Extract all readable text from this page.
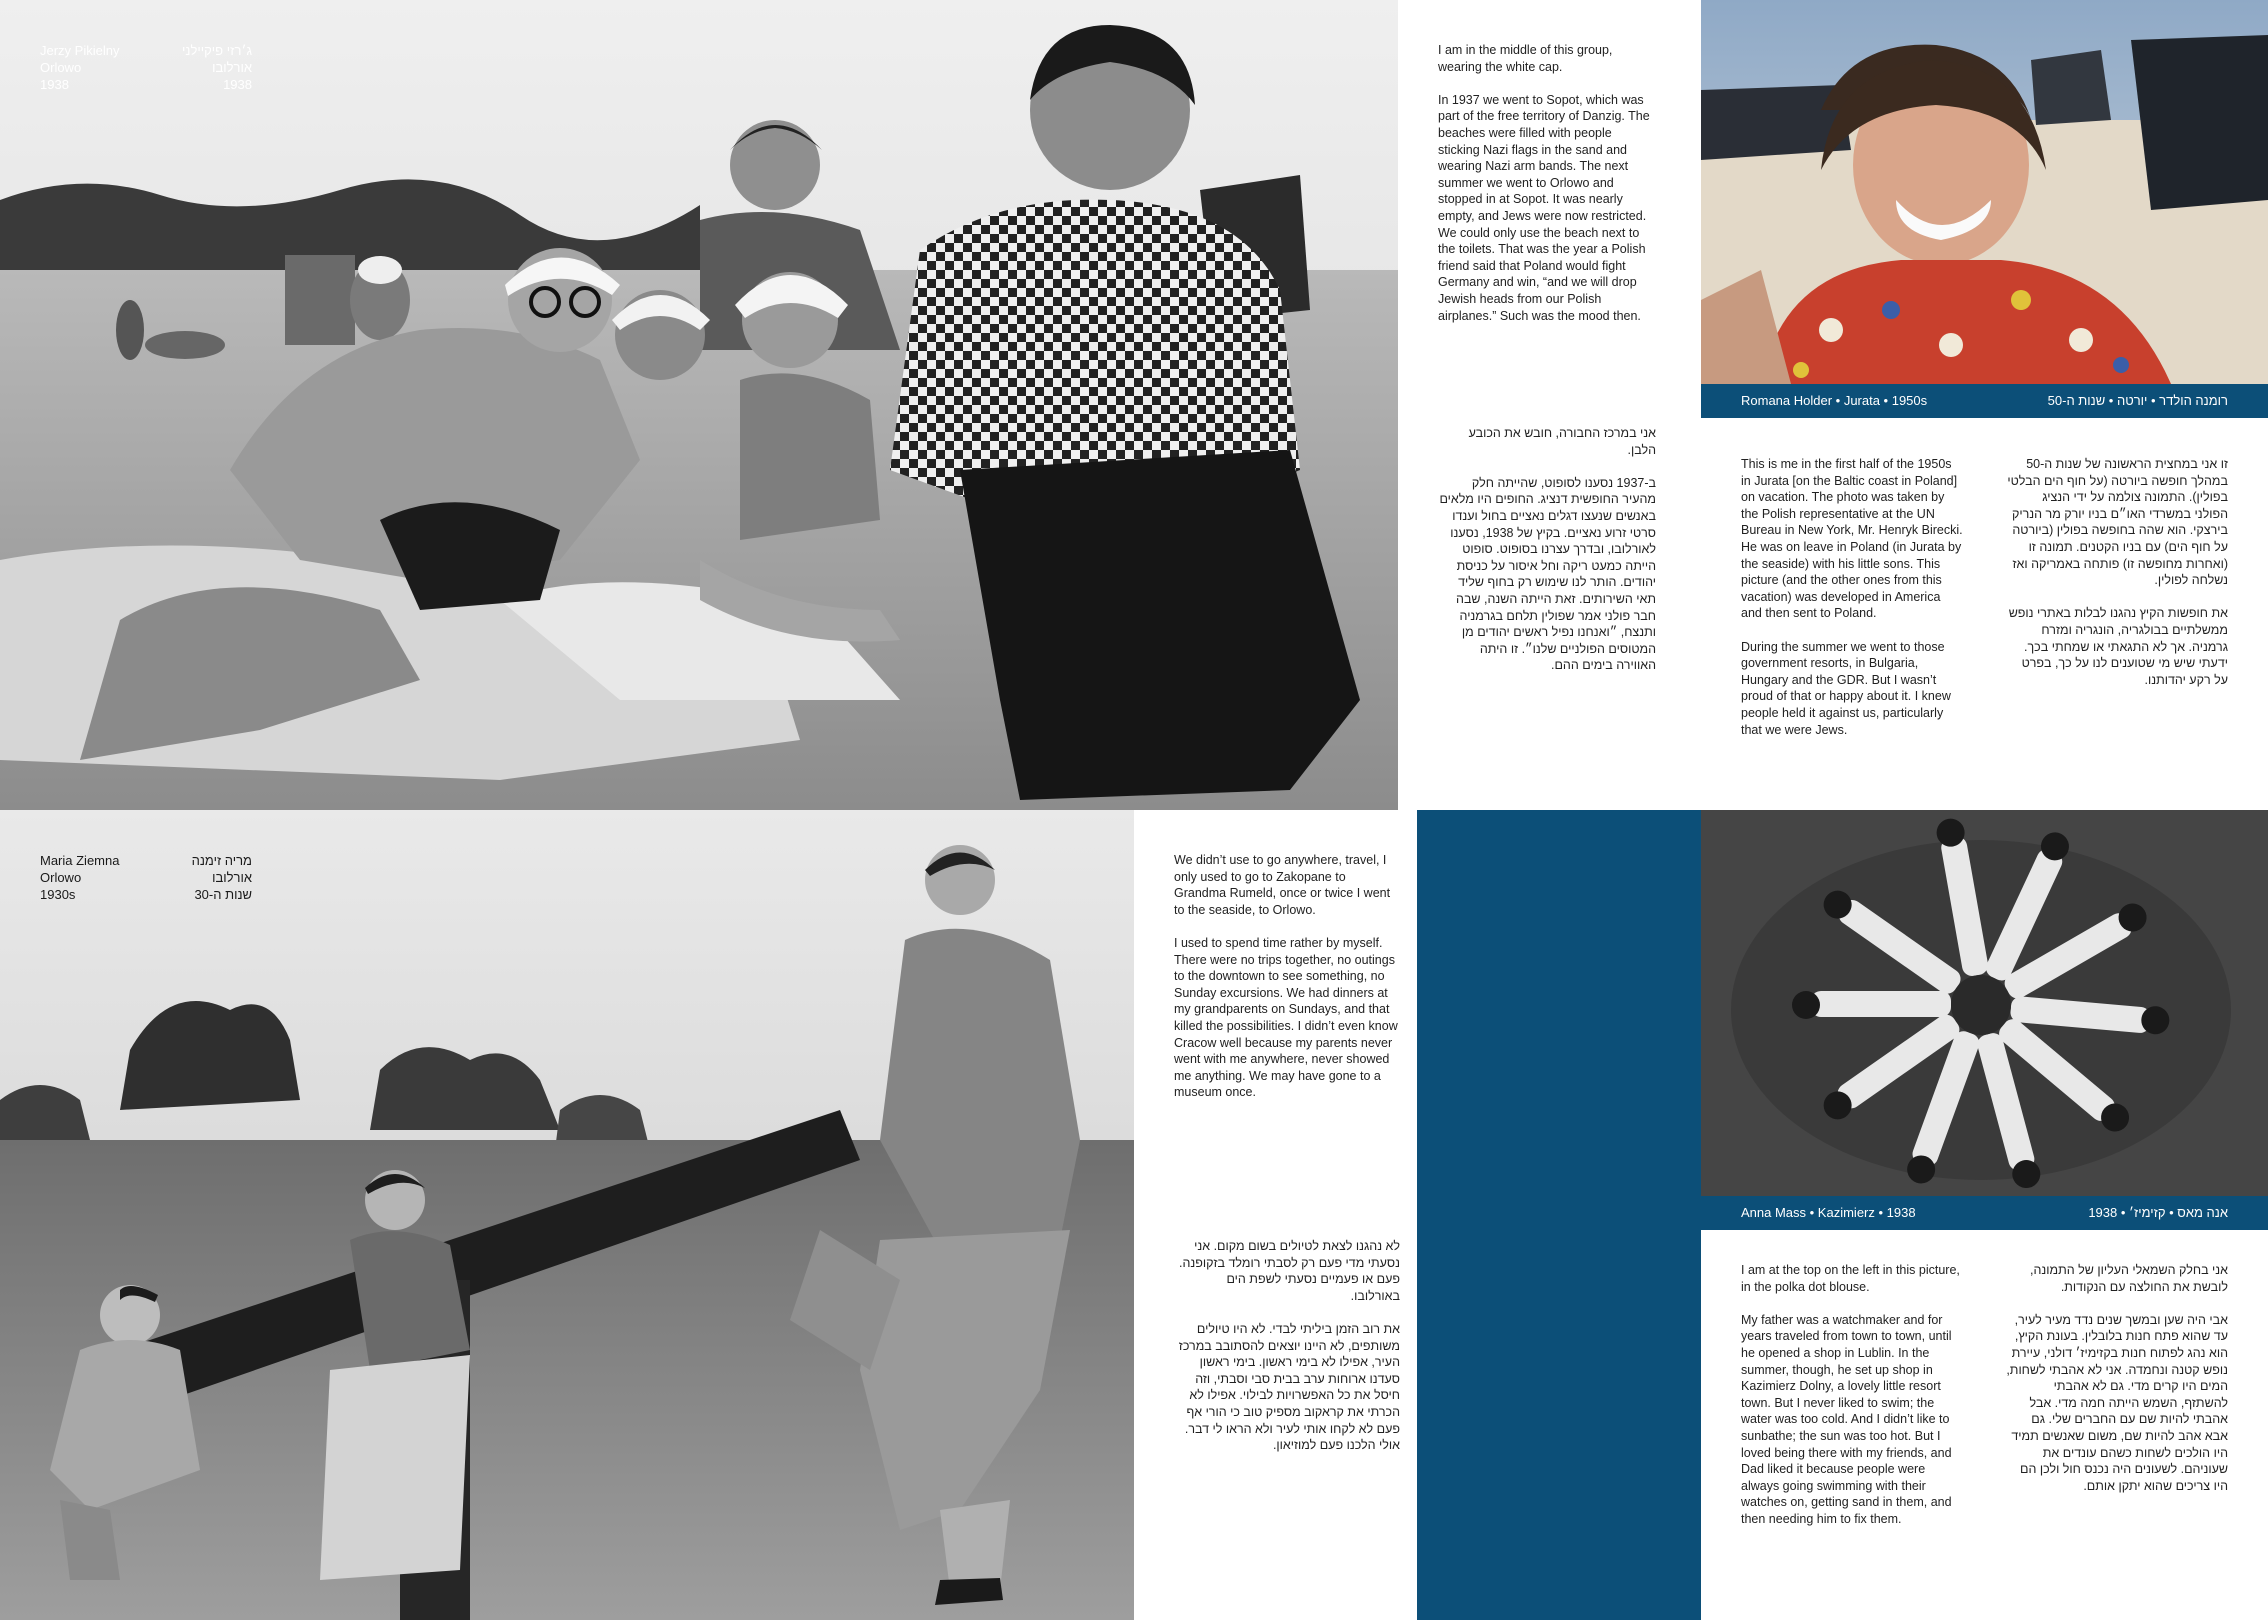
Jerzy Pikielny
Orlowo
1938
ג׳רזי פיקיילני
אורלובו
1938

I am in the middle of this group, wearing the white cap.

In 1937 we went to Sopot, which was part of the free territory of Danzig. The beaches were filled with people sticking Nazi flags in the sand and wearing Nazi arm bands. The next summer we went to Orlowo and stopped in at Sopot. It was nearly empty, and Jews were now restricted. We could only use the beach next to the toilets. That was the year a Polish friend said that Poland would fight Germany and win, “and we will drop Jewish heads from our Polish airplanes.” Such was the mood then.

אני במרכז החבורה, חובש את הכובע הלבן.

ב-1937 נסענו לסופוט, שהייתה חלק מהעיר החופשית דנציג. החופים היו מלאים באנשים שנעצו דגלים נאציים בחול וענדו סרטי זרוע נאציים. בקיץ של 1938, נסענו לאורלובו, ובדרך עצרנו בסופוט. סופוט הייתה כמעט ריקה וחל איסור על כניסת יהודים. הותר לנו שימוש רק בחוף שליד תאי השירותים. זאת הייתה השנה, שבה חבר פולני אמר שפולין תלחם בגרמניה ותנצח, ״ואנחנו נפיל ראשים יהודים מן המטוסים הפולניים שלנו״. זו היתה האווירה בימים ההם.

Romana Holder • Jurata • 1950s	רומנה הולדר • יורטה • שנות ה-50

This is me in the first half of the 1950s in Jurata [on the Baltic coast in Poland] on vacation. The photo was taken by the Polish representative at the UN Bureau in New York, Mr. Henryk Birecki. He was on leave in Poland (in Jurata by the seaside) with his little sons. This picture (and the other ones from this vacation) was developed in America and then sent to Poland.

During the summer we went to those government resorts, in Bulgaria, Hungary and the GDR. But I wasn’t proud of that or happy about it. I knew people held it against us, particularly that we were Jews.

זו אני במחצית הראשונה של שנות ה-50 במהלך חופשה ביורטה (על חוף הים הבלטי בפולין). התמונה צולמה על ידי הנציג הפולני במשרדי האו״ם בניו יורק מר הנריק בירצקי. הוא שהה בחופשה בפולין (ביורטה על חוף הים) עם בניו הקטנים. תמונה זו (ואחרות מחופשה זו) פותחה באמריקה ואז נשלחה לפולין.

את חופשות הקיץ נהגנו לבלות באתרי נופש ממשלתיים בבולגריה, הונגריה ומזרח גרמניה. אך לא התגאתי או שמחתי בכך. ידעתי שיש מי שטוענים לנו על כך, בפרט על רקע יהדותנו.

Maria Ziemna
Orlowo
1930s
מריה זימנה
אורלובו
שנות ה-30

We didn’t use to go anywhere, travel, I only used to go to Zakopane to Grandma Rumeld, once or twice I went to the seaside, to Orlowo.

I used to spend time rather by myself. There were no trips together, no outings to the downtown to see something, no Sunday excursions. We had dinners at my grandparents on Sundays, and that killed the possibilities. I didn’t even know Cracow well because my parents never went with me anywhere, never showed me anything. We may have gone to a museum once.

לא נהגנו לצאת לטיולים בשום מקום. אני נסעתי מדי פעם רק לסבתי רומלד בזקופנה. פעם או פעמיים נסעתי לשפת הים באורלובו.

את רוב הזמן ביליתי לבדי. לא היו טיולים משותפים, לא היינו יוצאים להסתובב במרכז העיר, אפילו לא בימי ראשון. בימי ראשון סעדנו ארוחות ערב בבית סבי וסבתי, וזה חיסל את כל האפשרויות לבילוי. אפילו לא הכרתי את קראקוב מספיק טוב כי הורי אף פעם לא לקחו אותי לעיר ולא הראו לי דבר. אולי הלכנו פעם למוזיאון.

Anna Mass • Kazimierz • 1938	אנה מאס • קזימיז׳ • 1938

I am at the top on the left in this picture, in the polka dot blouse.

My father was a watchmaker and for years traveled from town to town, until he opened a shop in Lublin. In the summer, though, he set up shop in Kazimierz Dolny, a lovely little resort town. But I never liked to swim; the water was too cold. And I didn’t like to sunbathe; the sun was too hot. But I loved being there with my friends, and Dad liked it because people were always going swimming with their watches on, getting sand in them, and then needing him to fix them.

אני בחלק השמאלי העליון של התמונה, לובשת את החולצה עם הנקודות.

אבי היה שען ובמשך שנים נדד מעיר לעיר, עד שהוא פתח חנות בלובלין. בעונת הקיץ, הוא נהג לפתוח חנות בקזימיז׳ דולני, עיירת נופש קטנה ונחמדה. אני לא אהבתי לשחות, המים היו קרים מדי. גם לא אהבתי להשתזף, השמש הייתה חמה מדי. אבל אהבתי להיות שם עם החברים שלי. גם אבא אהב להיות שם, משום שאנשים תמיד היו הולכים לשחות כשהם עונדים את שעוניהם. לשעונים היה נכנס חול ולכן הם היו צריכים שהוא יתקן אותם.
